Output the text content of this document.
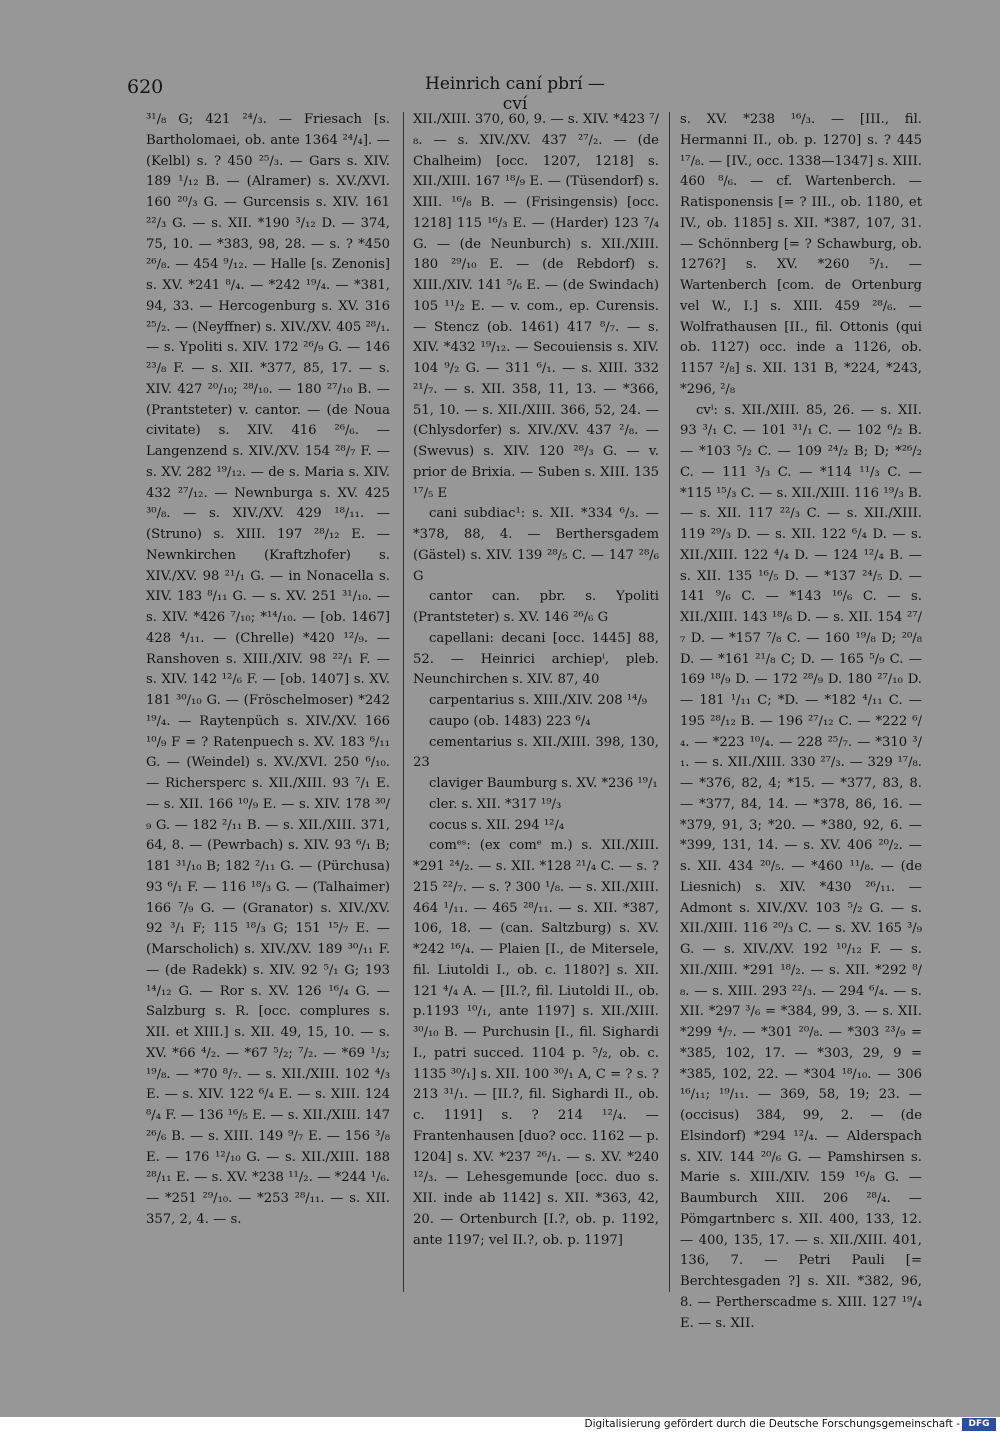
620	Heinrich caní pbrí — cví

³¹/₈ G; 421 ²⁴/₃. — Friesach [s. Bartholomaei, ob. ante 1364 ²⁴/₄]. — (Kelbl) s. ? 450 ²⁵/₃. — Gars s. XIV. 189 ¹/₁₂ B. — (Alramer) s. XV./XVI. 160 ²⁰/₃ G. — Gurcensis s. XIV. 161 ²²/₃ G. — s. XII. *190 ³/₁₂ D. — 374, 75, 10. — *383, 98, 28. — s. ? *450 ²⁶/₈. — 454 ⁹/₁₂. — Halle [s. Zenonis] s. XV. *241 ⁸/₄. — *242 ¹⁹/₄. — *381, 94, 33. — Hercogenburg s. XV. 316 ²⁵/₂. — (Neyffner) s. XIV./XV. 405 ²⁸/₁. — s. Ypoliti s. XIV. 172 ²⁶/₉ G. — 146 ²³/₈ F. — s. XII. *377, 85, 17. — s. XIV. 427 ²⁰/₁₀; ²⁸/₁₀. — 180 ²⁷/₁₀ B. — (Prantsteter) v. cantor. — (de Noua civitate) s. XIV. 416 ²⁶/₆. — Langenzend s. XIV./XV. 154 ²⁸/₇ F. — s. XV. 282 ¹⁹/₁₂. — de s. Maria s. XIV. 432 ²⁷/₁₂. — Newnburga s. XV. 425 ³⁰/₈. — s. XIV./XV. 429 ¹⁸/₁₁. — (Struno) s. XIII. 197 ²⁸/₁₂ E. — Newnkirchen (Kraftzhofer) s. XIV./XV. 98 ²¹/₁ G. — in Nonacella s. XIV. 183 ⁸/₁₁ G. — s. XV. 251 ³¹/₁₀. — s. XIV. *426 ⁷/₁₀; *¹⁴/₁₀. — [ob. 1467] 428 ⁴/₁₁. — (Chrelle) *420 ¹²/₉. — Ranshoven s. XIII./XIV. 98 ²²/₁ F. — s. XIV. 142 ¹²/₆ F. — [ob. 1407] s. XV. 181 ³⁰/₁₀ G. — (Fröschelmoser) *242 ¹⁹/₄. — Raytenpüch s. XIV./XV. 166 ¹⁰/₉ F = ? Ratenpuech s. XV. 183 ⁶/₁₁ G. — (Weindel) s. XV./XVI. 250 ⁶/₁₀. — Richersperc s. XII./XIII. 93 ⁷/₁ E. — s. XII. 166 ¹⁰/₉ E. — s. XIV. 178 ³⁰/₉ G. — 182 ²/₁₁ B. — s. XII./XIII. 371, 64, 8. — (Pewrbach) s. XIV. 93 ⁶/₁ B; 181 ³¹/₁₀ B; 182 ²/₁₁ G. — (Pürchusa) 93 ⁶/₁ F. — 116 ¹⁸/₃ G. — (Talhaimer) 166 ⁷/₉ G. — (Granator) s. XIV./XV. 92 ³/₁ F; 115 ¹⁸/₃ G; 151 ¹⁵/₇ E. — (Marscholich) s. XIV./XV. 189 ³⁰/₁₁ F. — (de Radekk) s. XIV. 92 ⁵/₁ G; 193 ¹⁴/₁₂ G. — Ror s. XV. 126 ¹⁶/₄ G. — Salzburg s. R. [occ. complures s. XII. et XIII.] s. XII. 49, 15, 10. — s. XV. *66 ⁴/₂. — *67 ⁵/₂; ⁷/₂. — *69 ¹/₃; ¹⁹/₈. — *70 ⁸/₇. — s. XII./XIII. 102 ⁴/₃ E. — s. XIV. 122 ⁶/₄ E. — s. XIII. 124 ⁸/₄ F. — 136 ¹⁶/₅ E. — s. XII./XIII. 147 ²⁶/₆ B. — s. XIII. 149 ⁹/₇ E. — 156 ³/₈ E. — 176 ¹²/₁₀ G. — s. XII./XIII. 188 ²⁸/₁₁ E. — s. XV. *238 ¹¹/₂. — *244 ¹/₆. — *251 ²⁹/₁₀. — *253 ²⁸/₁₁. — s. XII. 357, 2, 4. — s.

XII./XIII. 370, 60, 9. — s. XIV. *423 ⁷/₈. — s. XIV./XV. 437 ²⁷/₂. — (de Chalheim) [occ. 1207, 1218] s. XII./XIII. 167 ¹⁸/₉ E. — (Tüsendorf) s. XIII. ¹⁶/₈ B. — (Frisingensis) [occ. 1218] 115 ¹⁶/₃ E. — (Harder) 123 ⁷/₄ G. — (de Neunburch) s. XII./XIII. 180 ²⁹/₁₀ E. — (de Rebdorf) s. XIII./XIV. 141 ⁵/₆ E. — (de Swindach) 105 ¹¹/₂ E. — v. com., ep. Curensis. — Stencz (ob. 1461) 417 ⁸/₇. — s. XIV. *432 ¹⁹/₁₂. — Secouiensis s. XIV. 104 ⁹/₂ G. — 311 ⁶/₁. — s. XIII. 332 ²¹/₇. — s. XII. 358, 11, 13. — *366, 51, 10. — s. XII./XIII. 366, 52, 24. — (Chlysdorfer) s. XIV./XV. 437 ²/₈. — (Swevus) s. XIV. 120 ²⁸/₃ G. — v. prior de Brixia. — Suben s. XIII. 135 ¹⁷/₅ E

cani subdiac¹: s. XII. *334 ⁶/₃. — *378, 88, 4. — Berthersgadem (Gästel) s. XIV. 139 ²⁸/₅ C. — 147 ²⁸/₆ G

cantor can. pbr. s. Ypoliti (Prantsteter) s. XV. 146 ²⁶/₆ G

capellani: decani [occ. 1445] 88, 52. — Heinrici archiepⁱ, pleb. Neunchirchen s. XIV. 87, 40

carpentarius s. XIII./XIV. 208 ¹⁴/₉

caupo (ob. 1483) 223 ⁶/₄

cementarius s. XII./XIII. 398, 130, 23

claviger Baumburg s. XV. *236 ¹⁹/₁

cler. s. XII. *317 ¹⁹/₃

cocus s. XII. 294 ¹²/₄

comᵉˢ: (ex comᵉ m.) s. XII./XIII. *291 ²⁴/₂. — s. XII. *128 ²¹/₄ C. — s. ? 215 ²²/₇. — s. ? 300 ¹/₈. — s. XII./XIII. 464 ¹/₁₁. — 465 ²⁸/₁₁. — s. XII. *387, 106, 18. — (can. Saltzburg) s. XV. *242 ¹⁶/₄. — Plaien [I., de Mitersele, fil. Liutoldi I., ob. c. 1180?] s. XII. 121 ⁴/₄ A. — [II.?, fil. Liutoldi II., ob. p.1193 ¹⁰/₁, ante 1197] s. XII./XIII. ³⁰/₁₀ B. — Purchusin [I., fil. Sighardi I., patri succed. 1104 p. ⁵/₂, ob. c. 1135 ³⁰/₁] s. XII. 100 ³⁰/₁ A, C = ? s. ? 213 ³¹/₁. — [II.?, fil. Sighardi II., ob. c. 1191] s. ? 214 ¹²/₄. — Frantenhausen [duo? occ. 1162 — p. 1204] s. XV. *237 ²⁶/₁. — s. XV. *240 ¹²/₃. — Lehesgemunde [occ. duo s. XII. inde ab 1142] s. XII. *363, 42, 20. — Ortenburch [I.?, ob. p. 1192, ante 1197; vel II.?, ob. p. 1197]

s. XV. *238 ¹⁶/₃. — [III., fil. Hermanni II., ob. p. 1270] s. ? 445 ¹⁷/₈. — [IV., occ. 1338—1347] s. XIII. 460 ⁸/₆. — cf. Wartenberch. — Ratisponensis [= ? III., ob. 1180, et IV., ob. 1185] s. XII. *387, 107, 31. — Schönnberg [= ? Schawburg, ob. 1276?] s. XV. *260 ⁵/₁. — Wartenberch [com. de Ortenburg vel W., I.] s. XIII. 459 ²⁸/₆. — Wolfrathausen [II., fil. Ottonis (qui ob. 1127) occ. inde a 1126, ob. 1157 ²/₈] s. XII. 131 B, *224, *243, *296, ²/₈

cvⁱ: s. XII./XIII. 85, 26. — s. XII. 93 ³/₁ C. — 101 ³¹/₁ C. — 102 ⁶/₂ B. — *103 ⁵/₂ C. — 109 ²⁴/₂ B; D; *²⁶/₂ C. — 111 ³/₃ C. — *114 ¹¹/₃ C. — *115 ¹⁵/₃ C. — s. XII./XIII. 116 ¹⁹/₃ B. — s. XII. 117 ²²/₃ C. — s. XII./XIII. 119 ²⁹/₃ D. — s. XII. 122 ⁶/₄ D. — s. XII./XIII. 122 ⁴/₄ D. — 124 ¹²/₄ B. — s. XII. 135 ¹⁶/₅ D. — *137 ²⁴/₅ D. — 141 ⁹/₆ C. — *143 ¹⁶/₆ C. — s. XII./XIII. 143 ¹⁸/₆ D. — s. XII. 154 ²⁷/₇ D. — *157 ⁷/₈ C. — 160 ¹⁹/₈ D; ²⁰/₈ D. — *161 ²¹/₈ C; D. — 165 ⁵/₉ C. — 169 ¹⁸/₉ D. — 172 ²⁸/₉ D. 180 ²⁷/₁₀ D. — 181 ¹/₁₁ C; *D. — *182 ⁴/₁₁ C. — 195 ²⁸/₁₂ B. — 196 ²⁷/₁₂ C. — *222 ⁶/₄. — *223 ¹⁰/₄. — 228 ²⁵/₇. — *310 ³/₁. — s. XII./XIII. 330 ²⁷/₃. — 329 ¹⁷/₈. — *376, 82, 4; *15. — *377, 83, 8. — *377, 84, 14. — *378, 86, 16. — *379, 91, 3; *20. — *380, 92, 6. — *399, 131, 14. — s. XV. 406 ²⁰/₂. — s. XII. 434 ²⁰/₅. — *460 ¹¹/₈. — (de Liesnich) s. XIV. *430 ²⁶/₁₁. — Admont s. XIV./XV. 103 ⁵/₂ G. — s. XII./XIII. 116 ²⁰/₃ C. — s. XV. 165 ³/₉ G. — s. XIV./XV. 192 ¹⁰/₁₂ F. — s. XII./XIII. *291 ¹⁸/₂. — s. XII. *292 ⁸/₈. — s. XIII. 293 ²²/₃. — 294 ⁶/₄. — s. XII. *297 ³/₆ = *384, 99, 3. — s. XII. *299 ⁴/₇. — *301 ²⁰/₈. — *303 ²³/₉ = *385, 102, 17. — *303, 29, 9 = *385, 102, 22. — *304 ¹⁸/₁₀. — 306 ¹⁶/₁₁; ¹⁹/₁₁. — 369, 58, 19; 23. — (occisus) 384, 99, 2. — (de Elsindorf) *294 ¹²/₄. — Alderspach s. XIV. 144 ²⁰/₆ G. — Pamshirsen s. Marie s. XIII./XIV. 159 ¹⁶/₈ G. — Baumburch XIII. 206 ²⁸/₄. — Pömgartnberc s. XII. 400, 133, 12. — 400, 135, 17. — s. XII./XIII. 401, 136, 7. — Petri Pauli [= Berchtesgaden ?] s. XII. *382, 96, 8. — Pertherscadme s. XIII. 127 ¹⁹/₄ E. — s. XII.

Digitalisierung gefördert durch die Deutsche Forschungsgemeinschaft - DFG
